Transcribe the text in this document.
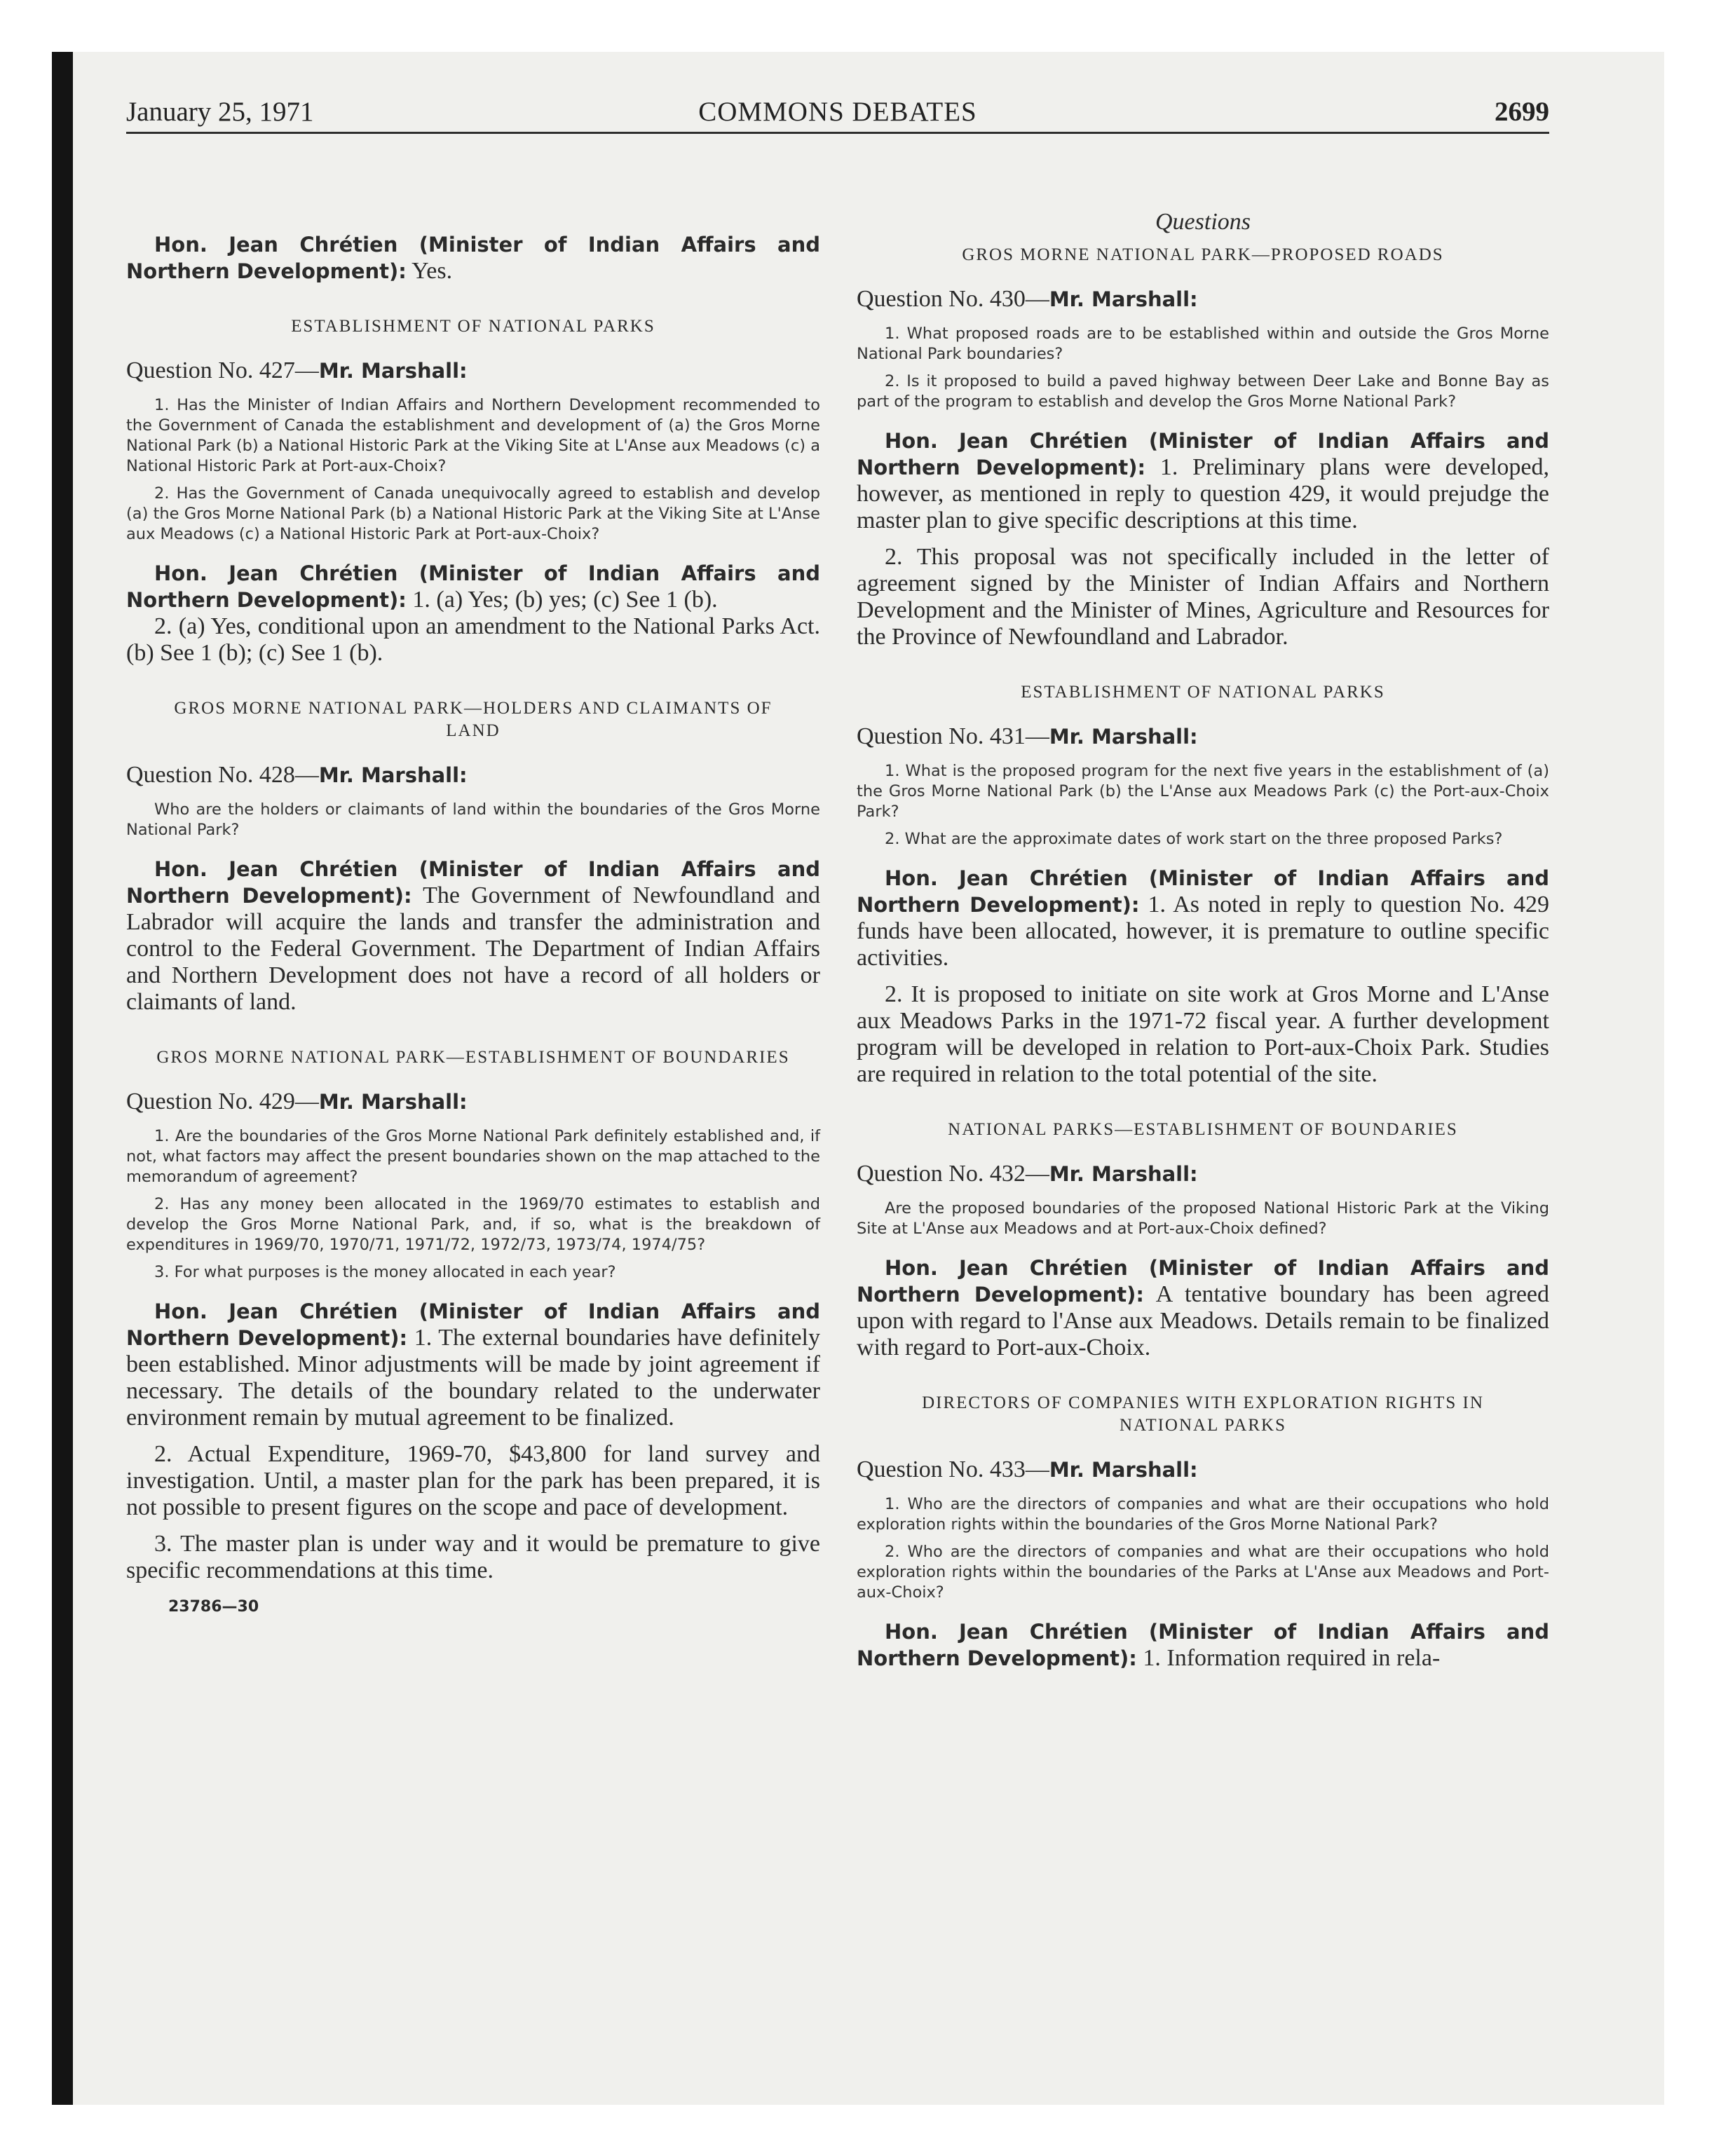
January 25, 1971	COMMONS DEBATES	2699

Hon. Jean Chrétien (Minister of Indian Affairs and Northern Development): Yes.

ESTABLISHMENT OF NATIONAL PARKS

Question No. 427—Mr. Marshall:

1. Has the Minister of Indian Affairs and Northern Development recommended to the Government of Canada the establishment and development of (a) the Gros Morne National Park (b) a National Historic Park at the Viking Site at L'Anse aux Meadows (c) a National Historic Park at Port-aux-Choix?

2. Has the Government of Canada unequivocally agreed to establish and develop (a) the Gros Morne National Park (b) a National Historic Park at the Viking Site at L'Anse aux Meadows (c) a National Historic Park at Port-aux-Choix?

Hon. Jean Chrétien (Minister of Indian Affairs and Northern Development): 1. (a) Yes; (b) yes; (c) See 1 (b).

2. (a) Yes, conditional upon an amendment to the National Parks Act. (b) See 1 (b); (c) See 1 (b).

GROS MORNE NATIONAL PARK—HOLDERS AND CLAIMANTS OF LAND

Question No. 428—Mr. Marshall:

Who are the holders or claimants of land within the boundaries of the Gros Morne National Park?

Hon. Jean Chrétien (Minister of Indian Affairs and Northern Development): The Government of Newfoundland and Labrador will acquire the lands and transfer the administration and control to the Federal Government. The Department of Indian Affairs and Northern Development does not have a record of all holders or claimants of land.

GROS MORNE NATIONAL PARK—ESTABLISHMENT OF BOUNDARIES

Question No. 429—Mr. Marshall:

1. Are the boundaries of the Gros Morne National Park definitely established and, if not, what factors may affect the present boundaries shown on the map attached to the memorandum of agreement?

2. Has any money been allocated in the 1969/70 estimates to establish and develop the Gros Morne National Park, and, if so, what is the breakdown of expenditures in 1969/70, 1970/71, 1971/72, 1972/73, 1973/74, 1974/75?

3. For what purposes is the money allocated in each year?

Hon. Jean Chrétien (Minister of Indian Affairs and Northern Development): 1. The external boundaries have definitely been established. Minor adjustments will be made by joint agreement if necessary. The details of the boundary related to the underwater environment remain by mutual agreement to be finalized.

2. Actual Expenditure, 1969-70, $43,800 for land survey and investigation. Until, a master plan for the park has been prepared, it is not possible to present figures on the scope and pace of development.

3. The master plan is under way and it would be premature to give specific recommendations at this time.

23786—30
Questions
GROS MORNE NATIONAL PARK—PROPOSED ROADS

Question No. 430—Mr. Marshall:

1. What proposed roads are to be established within and outside the Gros Morne National Park boundaries?

2. Is it proposed to build a paved highway between Deer Lake and Bonne Bay as part of the program to establish and develop the Gros Morne National Park?

Hon. Jean Chrétien (Minister of Indian Affairs and Northern Development): 1. Preliminary plans were developed, however, as mentioned in reply to question 429, it would prejudge the master plan to give specific descriptions at this time.

2. This proposal was not specifically included in the letter of agreement signed by the Minister of Indian Affairs and Northern Development and the Minister of Mines, Agriculture and Resources for the Province of Newfoundland and Labrador.

ESTABLISHMENT OF NATIONAL PARKS

Question No. 431—Mr. Marshall:

1. What is the proposed program for the next five years in the establishment of (a) the Gros Morne National Park (b) the L'Anse aux Meadows Park (c) the Port-aux-Choix Park?

2. What are the approximate dates of work start on the three proposed Parks?

Hon. Jean Chrétien (Minister of Indian Affairs and Northern Development): 1. As noted in reply to question No. 429 funds have been allocated, however, it is premature to outline specific activities.

2. It is proposed to initiate on site work at Gros Morne and L'Anse aux Meadows Parks in the 1971-72 fiscal year. A further development program will be developed in relation to Port-aux-Choix Park. Studies are required in relation to the total potential of the site.

NATIONAL PARKS—ESTABLISHMENT OF BOUNDARIES

Question No. 432—Mr. Marshall:

Are the proposed boundaries of the proposed National Historic Park at the Viking Site at L'Anse aux Meadows and at Port-aux-Choix defined?

Hon. Jean Chrétien (Minister of Indian Affairs and Northern Development): A tentative boundary has been agreed upon with regard to l'Anse aux Meadows. Details remain to be finalized with regard to Port-aux-Choix.

DIRECTORS OF COMPANIES WITH EXPLORATION RIGHTS IN NATIONAL PARKS

Question No. 433—Mr. Marshall:

1. Who are the directors of companies and what are their occupations who hold exploration rights within the boundaries of the Gros Morne National Park?

2. Who are the directors of companies and what are their occupations who hold exploration rights within the boundaries of the Parks at L'Anse aux Meadows and Port-aux-Choix?

Hon. Jean Chrétien (Minister of Indian Affairs and Northern Development): 1. Information required in rela-
